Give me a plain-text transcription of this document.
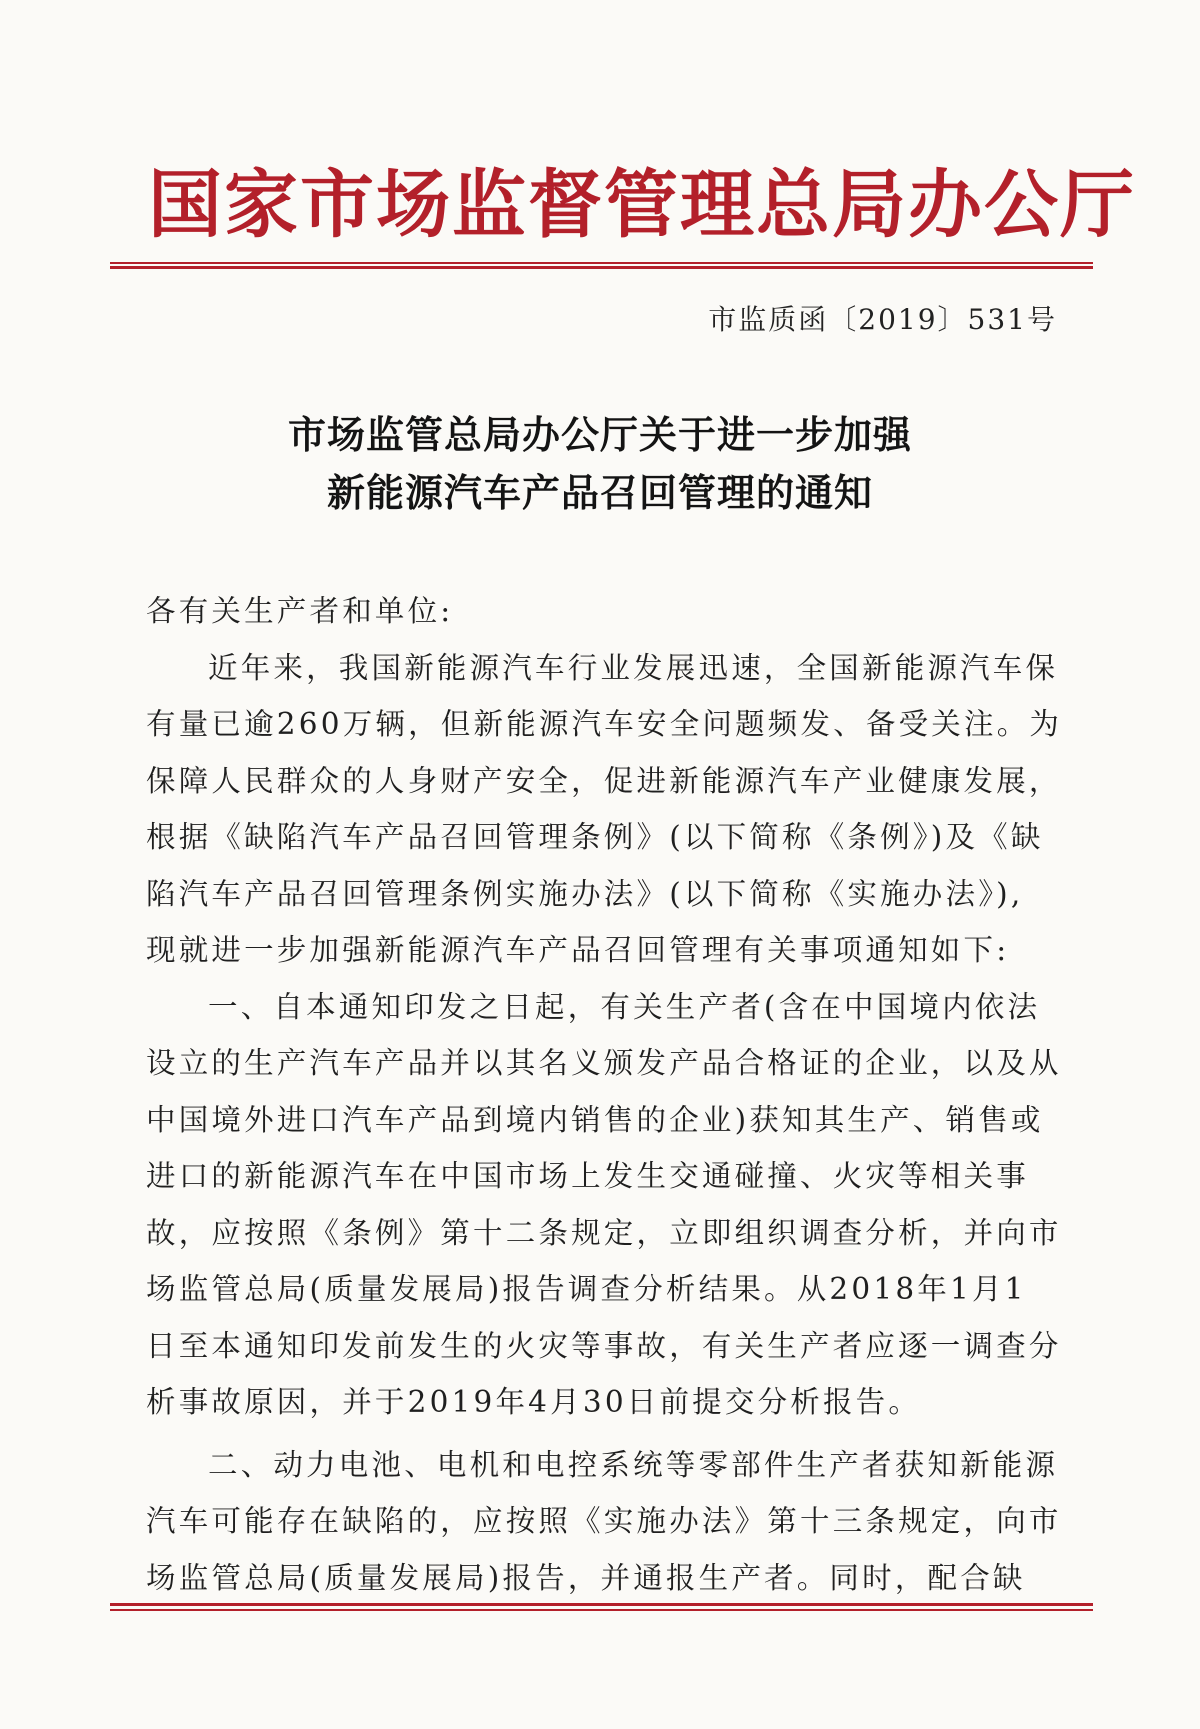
国家市场监督管理总局办公厅
市监质函〔2019〕531号
市场监管总局办公厅关于进一步加强
新能源汽车产品召回管理的通知
各有关生产者和单位:
近年来，我国新能源汽车行业发展迅速，全国新能源汽车保
有量已逾260万辆，但新能源汽车安全问题频发、备受关注。为
保障人民群众的人身财产安全，促进新能源汽车产业健康发展，
根据《缺陷汽车产品召回管理条例》(以下简称《条例》)及《缺
陷汽车产品召回管理条例实施办法》(以下简称《实施办法》),
现就进一步加强新能源汽车产品召回管理有关事项通知如下:
一、自本通知印发之日起，有关生产者(含在中国境内依法
设立的生产汽车产品并以其名义颁发产品合格证的企业，以及从
中国境外进口汽车产品到境内销售的企业)获知其生产、销售或
进口的新能源汽车在中国市场上发生交通碰撞、火灾等相关事
故，应按照《条例》第十二条规定，立即组织调查分析，并向市
场监管总局(质量发展局)报告调查分析结果。从2018年1月1
日至本通知印发前发生的火灾等事故，有关生产者应逐一调查分
析事故原因，并于2019年4月30日前提交分析报告。
二、动力电池、电机和电控系统等零部件生产者获知新能源
汽车可能存在缺陷的，应按照《实施办法》第十三条规定，向市
场监管总局(质量发展局)报告，并通报生产者。同时，配合缺
